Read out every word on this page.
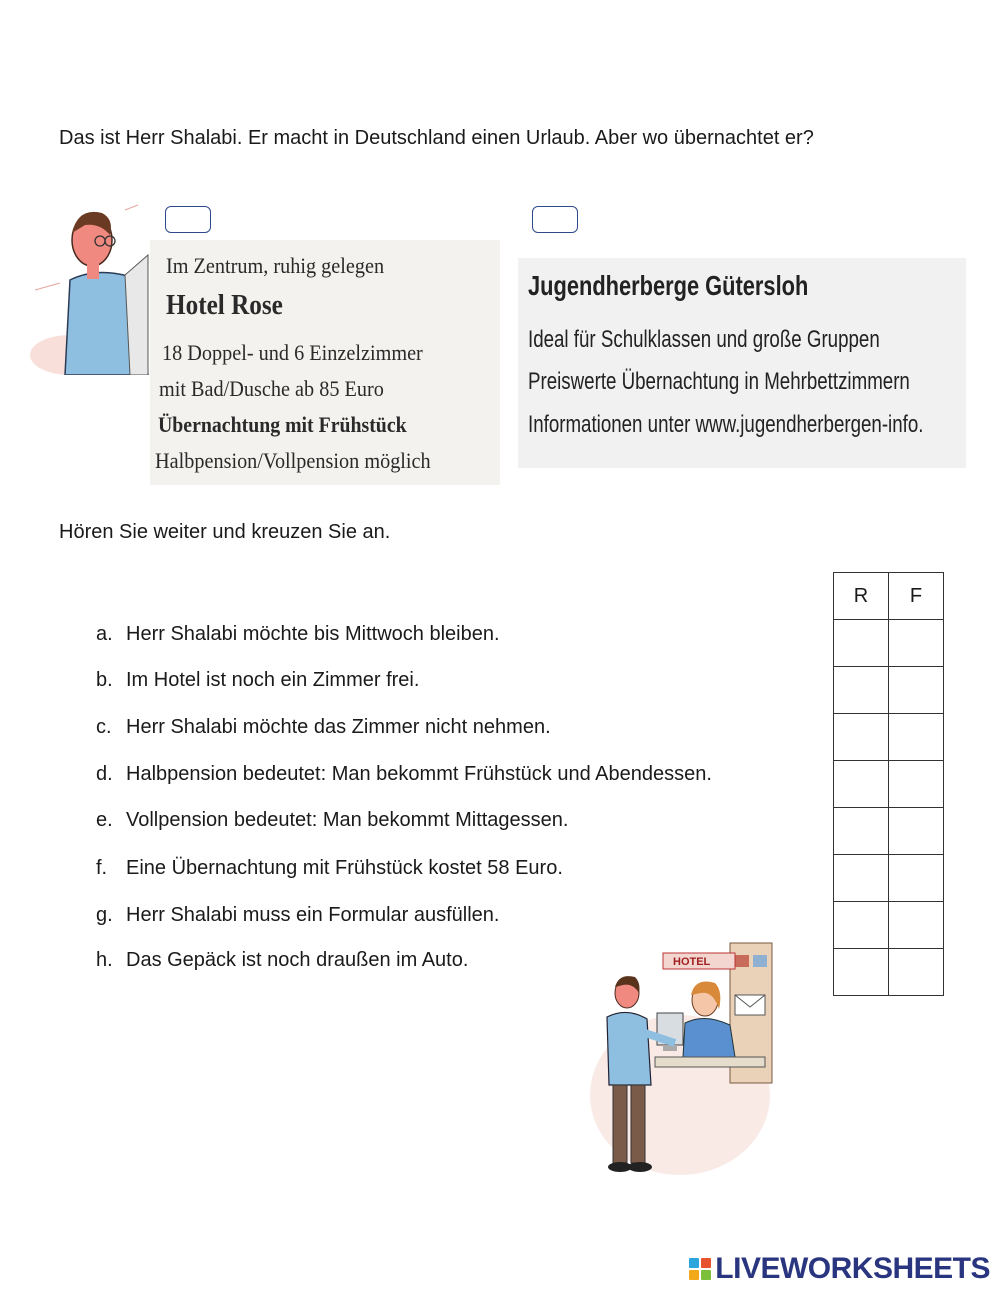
Das ist Herr Shalabi. Er macht in Deutschland einen Urlaub. Aber wo übernachtet er?
Im Zentrum, ruhig gelegen
Hotel Rose
18 Doppel- und 6 Einzelzimmer
mit Bad/Dusche ab 85 Euro
Übernachtung mit Frühstück
Halbpension/Vollpension möglich
Jugendherberge Gütersloh
Ideal für Schulklassen und große Gruppen
Preiswerte Übernachtung in Mehrbettzimmern
Informationen unter www.jugendherbergen-info.
Hören Sie weiter und kreuzen Sie an.
a. Herr Shalabi möchte bis Mittwoch bleiben.
b. Im Hotel ist noch ein Zimmer frei.
c. Herr Shalabi möchte das Zimmer nicht nehmen.
d. Halbpension bedeutet: Man bekommt Frühstück und Abendessen.
e. Vollpension bedeutet: Man bekommt Mittagessen.
f. Eine Übernachtung mit Frühstück kostet 58 Euro.
g. Herr Shalabi muss ein Formular ausfüllen.
h. Das Gepäck ist noch draußen im Auto.
R	F

HOTEL
LIVEWORKSHEETS
